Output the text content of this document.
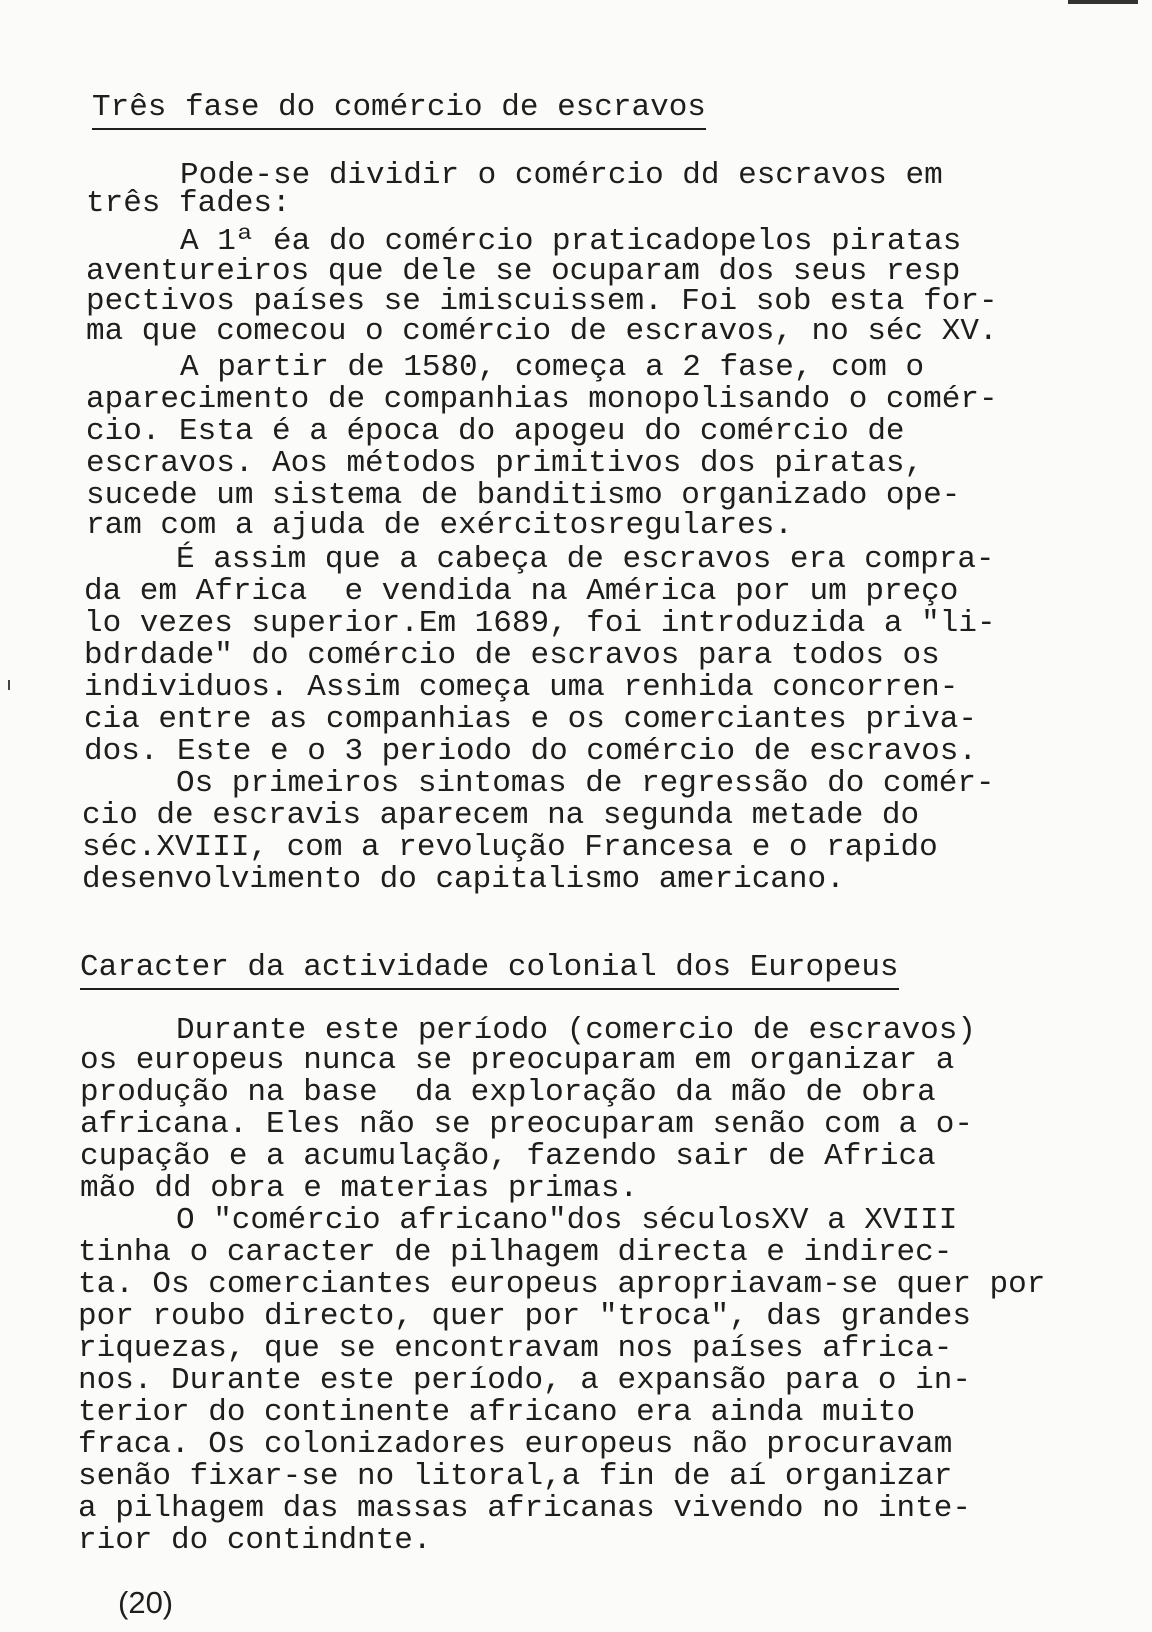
Três fase do comércio de escravos
Pode-se dividir o comércio dd escravos em
três fades:
A 1ª éa do comércio praticadopelos piratas
aventureiros que dele se ocuparam dos seus resp
pectivos países se imiscuissem. Foi sob esta for-
ma que comecou o comércio de escravos, no séc XV.
A partir de 1580, começa a 2 fase, com o
aparecimento de companhias monopolisando o comér-
cio. Esta é a época do apogeu do comércio de
escravos. Aos métodos primitivos dos piratas,
sucede um sistema de banditismo organizado ope-
ram com a ajuda de exércitosregulares.
É assim que a cabeça de escravos era compra-
da em Africa  e vendida na América por um preço
lo vezes superior.Em 1689, foi introduzida a "li-
bdrdade" do comércio de escravos para todos os
individuos. Assim começa uma renhida concorren-
cia entre as companhias e os comerciantes priva-
dos. Este e o 3 periodo do comércio de escravos.
Os primeiros sintomas de regressão do comér-
cio de escravis aparecem na segunda metade do
séc.XVIII, com a revolução Francesa e o rapido
desenvolvimento do capitalismo americano.
Caracter da actividade colonial dos Europeus
Durante este período (comercio de escravos)
os europeus nunca se preocuparam em organizar a
produção na base  da exploração da mão de obra
africana. Eles não se preocuparam senão com a o-
cupação e a acumulação, fazendo sair de Africa
mão dd obra e materias primas.
O "comércio africano"dos séculosXV a XVIII
tinha o caracter de pilhagem directa e indirec-
ta. Os comerciantes europeus apropriavam-se quer por
por roubo directo, quer por "troca", das grandes
riquezas, que se encontravam nos países africa-
nos. Durante este período, a expansão para o in-
terior do continente africano era ainda muito
fraca. Os colonizadores europeus não procuravam
senão fixar-se no litoral,a fin de aí organizar
a pilhagem das massas africanas vivendo no inte-
rior do contindnte.
(20)
